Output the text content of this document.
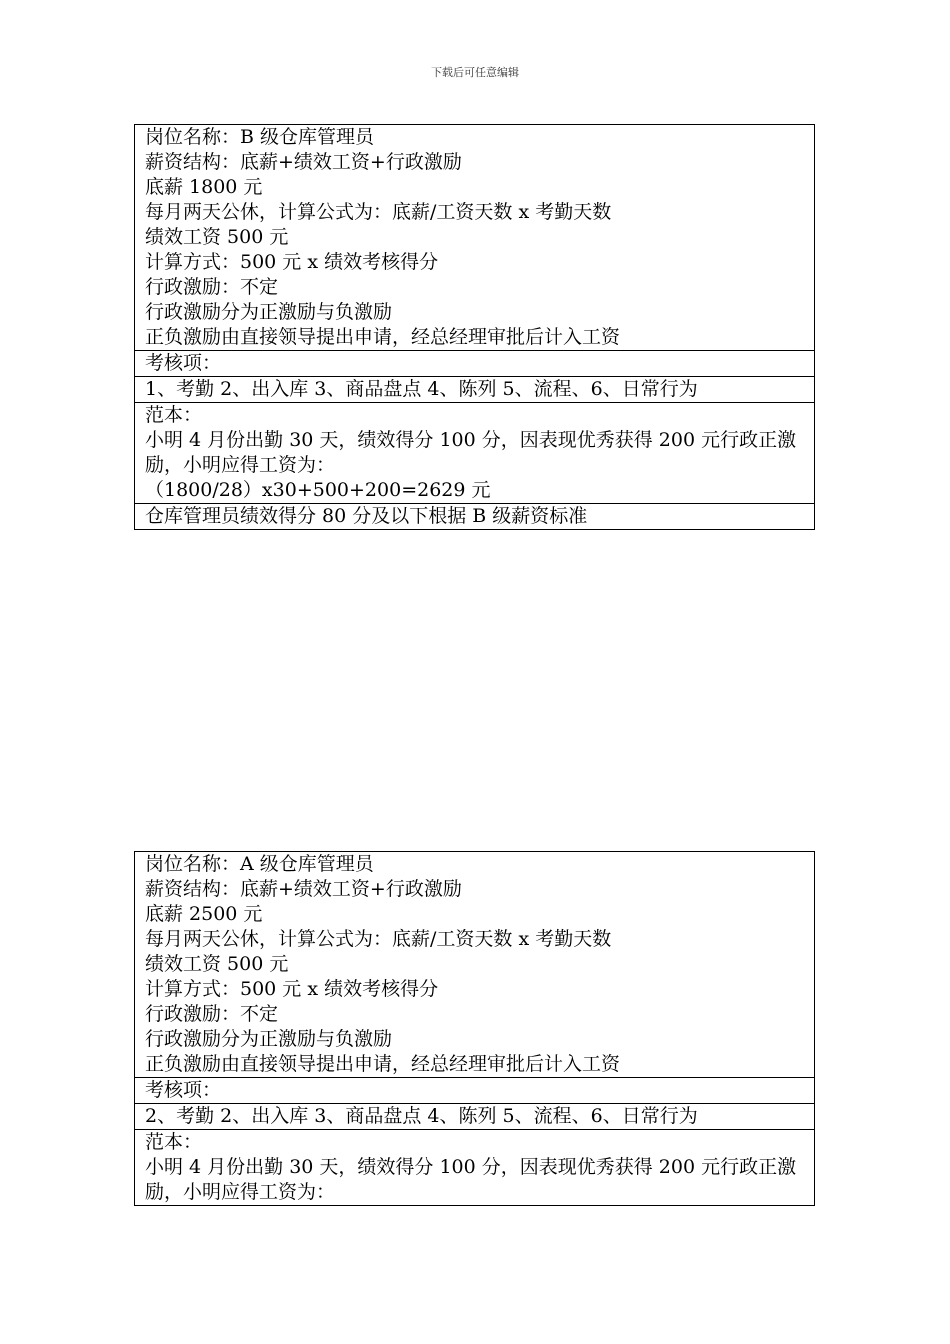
下载后可任意编辑
岗位名称：B 级仓库管理员
薪资结构：底薪+绩效工资+行政激励
底薪 1800 元
每月两天公休，计算公式为：底薪/工资天数 x 考勤天数
绩效工资 500 元
计算方式：500 元 x 绩效考核得分
行政激励：不定
行政激励分为正激励与负激励
正负激励由直接领导提出申请，经总经理审批后计入工资

考核项：

1、考勤 2、出入库 3、商品盘点 4、陈列 5、流程、6、日常行为

范本：
小明 4 月份出勤 30 天，绩效得分 100 分，因表现优秀获得 200 元行政正激励，小明应得工资为：
（1800/28）x30+500+200=2629 元

仓库管理员绩效得分 80 分及以下根据 B 级薪资标准
岗位名称：A 级仓库管理员
薪资结构：底薪+绩效工资+行政激励
底薪 2500 元
每月两天公休，计算公式为：底薪/工资天数 x 考勤天数
绩效工资 500 元
计算方式：500 元 x 绩效考核得分
行政激励：不定
行政激励分为正激励与负激励
正负激励由直接领导提出申请，经总经理审批后计入工资

考核项：

2、考勤 2、出入库 3、商品盘点 4、陈列 5、流程、6、日常行为

范本：
小明 4 月份出勤 30 天，绩效得分 100 分，因表现优秀获得 200 元行政正激励，小明应得工资为：
